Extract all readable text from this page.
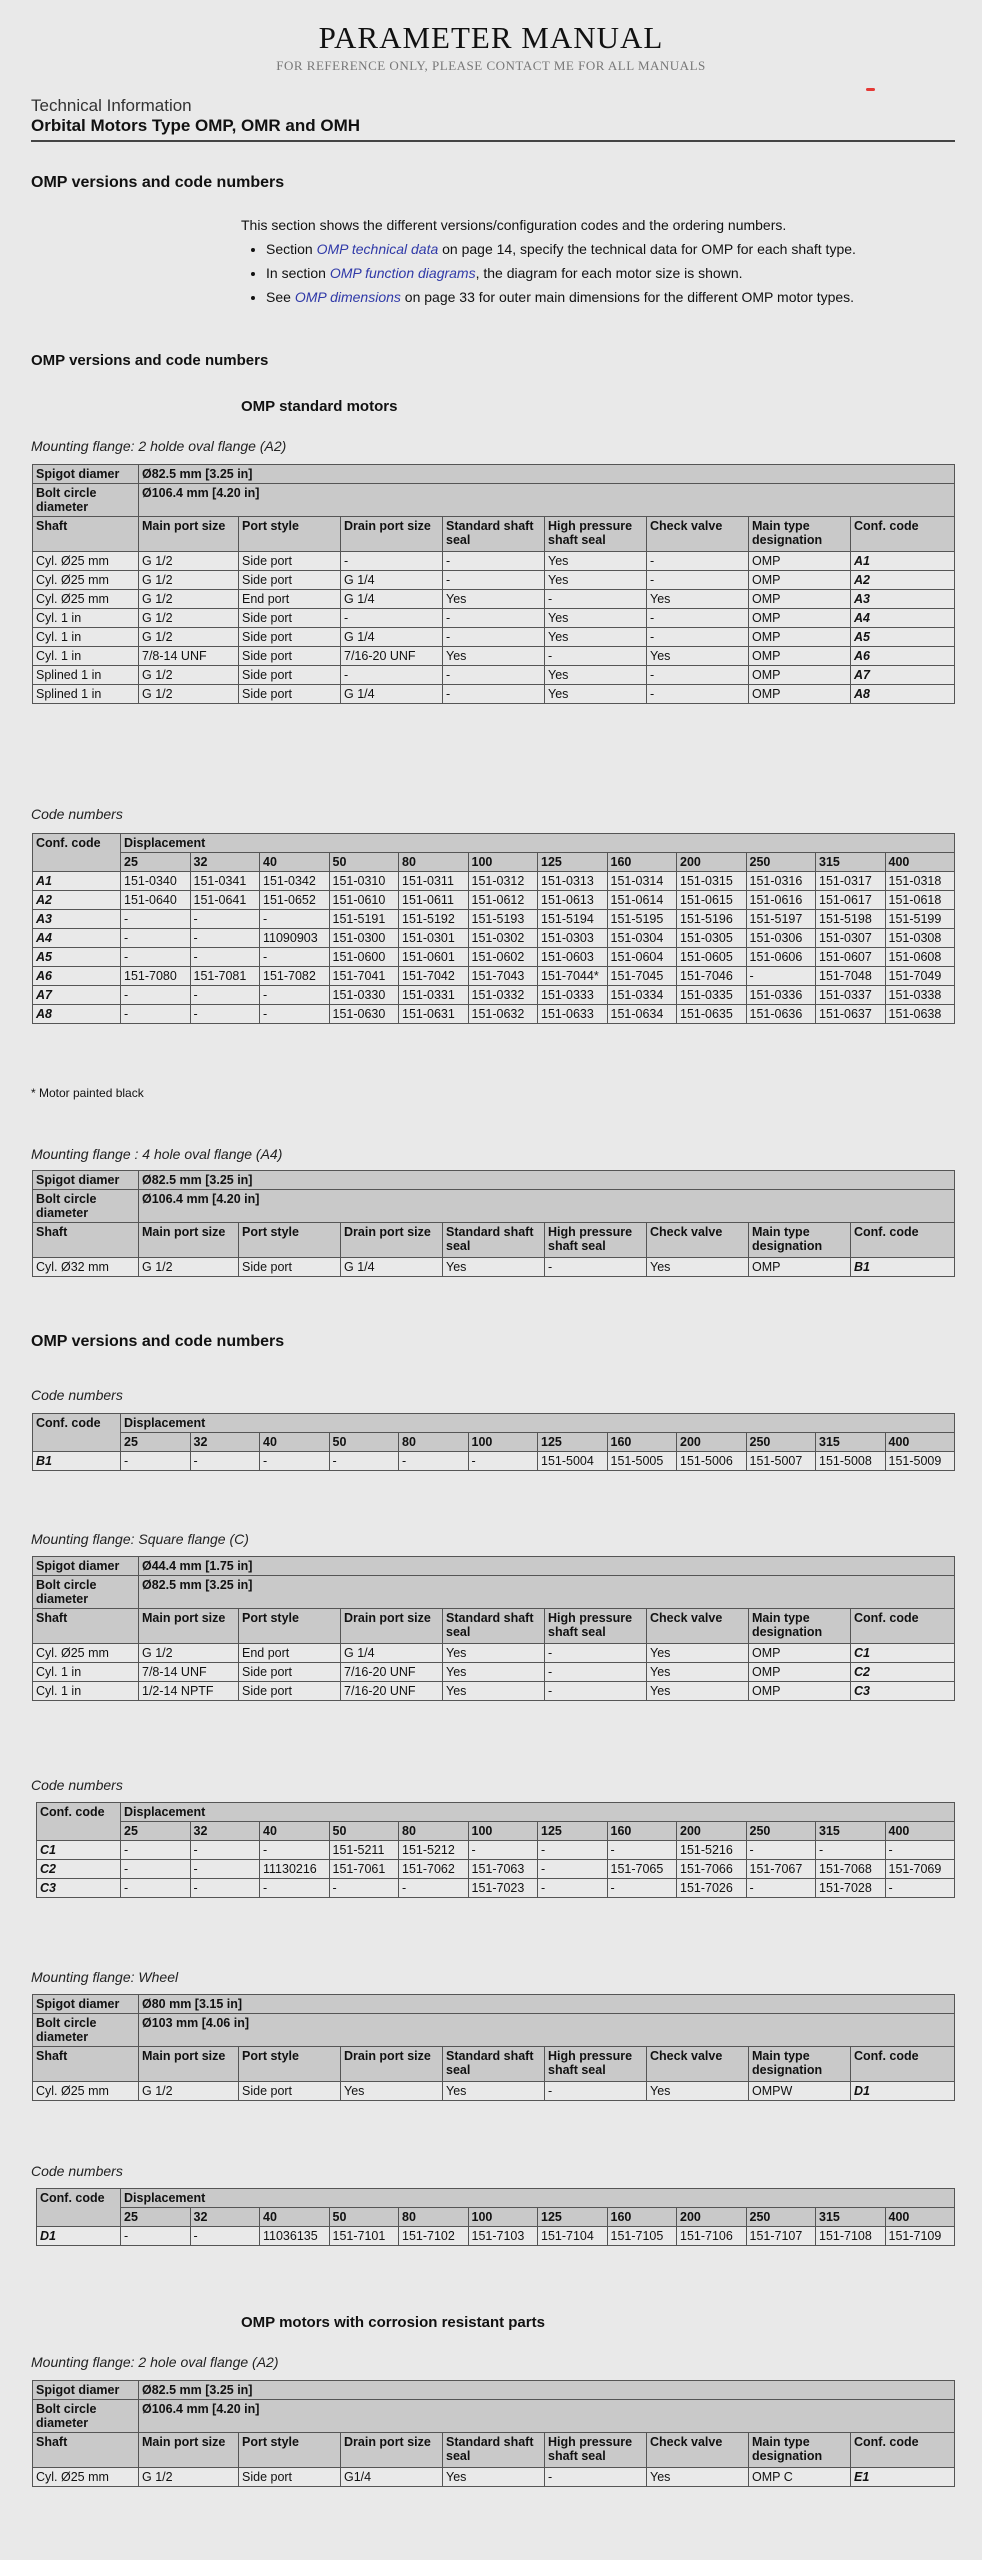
PARAMETER MANUAL
FOR REFERENCE ONLY, PLEASE CONTACT ME FOR ALL MANUALS
Technical Information
Orbital Motors Type OMP, OMR and OMH
OMP versions and code numbers
This section shows the different versions/configuration codes and the ordering numbers.
• Section OMP technical data on page 14, specify the technical data for OMP for each shaft type.
• In section OMP function diagrams, the diagram for each motor size is shown.
• See OMP dimensions on page 33 for outer main dimensions for the different OMP motor types.
OMP versions and code numbers
OMP standard motors
Mounting flange: 2 holde oval flange (A2)
Spigot diamer	Ø82.5 mm [3.25 in]							
Bolt circle diameter	Ø106.4 mm [4.20 in]							
Shaft	Main port size	Port style	Drain port size	Standard shaft seal	High pressure shaft seal	Check valve	Main type designation	Conf. code
Cyl. Ø25 mm	G 1/2	Side port	-	-	Yes	-	OMP	A1
Cyl. Ø25 mm	G 1/2	Side port	G 1/4	-	Yes	-	OMP	A2
Cyl. Ø25 mm	G 1/2	End port	G 1/4	Yes	-	Yes	OMP	A3
Cyl. 1 in	G 1/2	Side port	-	-	Yes	-	OMP	A4
Cyl. 1 in	G 1/2	Side port	G 1/4	-	Yes	-	OMP	A5
Cyl. 1 in	7/8-14 UNF	Side port	7/16-20 UNF	Yes	-	Yes	OMP	A6
Splined 1 in	G 1/2	Side port	-	-	Yes	-	OMP	A7
Splined 1 in	G 1/2	Side port	G 1/4	-	Yes	-	OMP	A8
Code numbers
Conf. code	Displacement											
	25	32	40	50	80	100	125	160	200	250	315	400
A1	151-0340	151-0341	151-0342	151-0310	151-0311	151-0312	151-0313	151-0314	151-0315	151-0316	151-0317	151-0318
A2	151-0640	151-0641	151-0652	151-0610	151-0611	151-0612	151-0613	151-0614	151-0615	151-0616	151-0617	151-0618
A3	-	-	-	151-5191	151-5192	151-5193	151-5194	151-5195	151-5196	151-5197	151-5198	151-5199
A4	-	-	11090903	151-0300	151-0301	151-0302	151-0303	151-0304	151-0305	151-0306	151-0307	151-0308
A5	-	-	-	151-0600	151-0601	151-0602	151-0603	151-0604	151-0605	151-0606	151-0607	151-0608
A6	151-7080	151-7081	151-7082	151-7041	151-7042	151-7043	151-7044*	151-7045	151-7046	-	151-7048	151-7049
A7	-	-	-	151-0330	151-0331	151-0332	151-0333	151-0334	151-0335	151-0336	151-0337	151-0338
A8	-	-	-	151-0630	151-0631	151-0632	151-0633	151-0634	151-0635	151-0636	151-0637	151-0638
* Motor painted black
Mounting flange : 4 hole oval flange (A4)
Spigot diamer	Ø82.5 mm [3.25 in]							
Bolt circle diameter	Ø106.4 mm [4.20 in]							
Shaft	Main port size	Port style	Drain port size	Standard shaft seal	High pressure shaft seal	Check valve	Main type designation	Conf. code
Cyl. Ø32 mm	G 1/2	Side port	G 1/4	Yes	-	Yes	OMP	B1
OMP versions and code numbers
Code numbers
Conf. code	Displacement											
	25	32	40	50	80	100	125	160	200	250	315	400
B1	-	-	-	-	-	-	151-5004	151-5005	151-5006	151-5007	151-5008	151-5009
Mounting flange: Square flange (C)
Spigot diamer	Ø44.4 mm [1.75 in]							
Bolt circle diameter	Ø82.5 mm [3.25 in]							
Shaft	Main port size	Port style	Drain port size	Standard shaft seal	High pressure shaft seal	Check valve	Main type designation	Conf. code
Cyl. Ø25 mm	G 1/2	End port	G 1/4	Yes	-	Yes	OMP	C1
Cyl. 1 in	7/8-14 UNF	Side port	7/16-20 UNF	Yes	-	Yes	OMP	C2
Cyl. 1 in	1/2-14 NPTF	Side port	7/16-20 UNF	Yes	-	Yes	OMP	C3
Code numbers
Conf. code	Displacement											
	25	32	40	50	80	100	125	160	200	250	315	400
C1	-	-	-	151-5211	151-5212	-	-	-	151-5216	-	-	-
C2	-	-	11130216	151-7061	151-7062	151-7063	-	151-7065	151-7066	151-7067	151-7068	151-7069
C3	-	-	-	-	-	151-7023	-	-	151-7026	-	151-7028	-
Mounting flange: Wheel
Spigot diamer	Ø80 mm [3.15 in]							
Bolt circle diameter	Ø103 mm [4.06 in]							
Shaft	Main port size	Port style	Drain port size	Standard shaft seal	High pressure shaft seal	Check valve	Main type designation	Conf. code
Cyl. Ø25 mm	G 1/2	Side port	Yes	Yes	-	Yes	OMPW	D1
Code numbers
Conf. code	Displacement											
	25	32	40	50	80	100	125	160	200	250	315	400
D1	-	-	11036135	151-7101	151-7102	151-7103	151-7104	151-7105	151-7106	151-7107	151-7108	151-7109
OMP motors with corrosion resistant parts
Mounting flange: 2 hole oval flange (A2)
Spigot diamer	Ø82.5 mm [3.25 in]							
Bolt circle diameter	Ø106.4 mm [4.20 in]							
Shaft	Main port size	Port style	Drain port size	Standard shaft seal	High pressure shaft seal	Check valve	Main type designation	Conf. code
Cyl. Ø25 mm	G 1/2	Side port	G1/4	Yes	-	Yes	OMP C	E1
